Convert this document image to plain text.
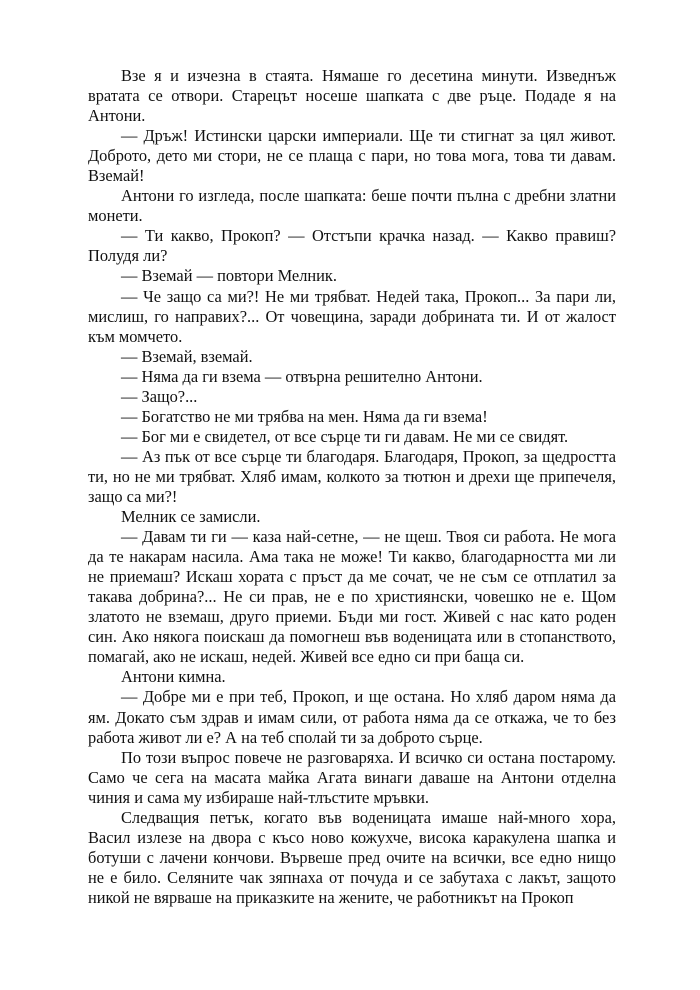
Взе я и изчезна в стаята. Нямаше го десетина минути. Изведнъж вратата се отвори. Старецът носеше шапката с две ръце. Подаде я на Антони.

— Дръж! Истински царски империали. Ще ти стигнат за цял живот. Доброто, дето ми стори, не се плаща с пари, но това мога, това ти давам. Вземай!

Антони го изгледа, после шапката: беше почти пълна с дребни златни монети.

— Ти какво, Прокоп? — Отстъпи крачка назад. — Какво правиш? Полудя ли?

— Вземай — повтори Мелник.

— Че защо са ми?! Не ми трябват. Недей така, Прокоп... За пари ли, мислиш, го направих?... От човещина, заради добрината ти. И от жалост към момчето.

— Вземай, вземай.

— Няма да ги взема — отвърна решително Антони.

— Защо?...

— Богатство не ми трябва на мен. Няма да ги взема!

— Бог ми е свидетел, от все сърце ти ги давам. Не ми се свидят.

— Аз пък от все сърце ти благодаря. Благодаря, Прокоп, за щедростта ти, но не ми трябват. Хляб имам, колкото за тютюн и дрехи ще припечеля, защо са ми?!

Мелник се замисли.

— Давам ти ги — каза най-сетне, — не щеш. Твоя си работа. Не мога да те накарам насила. Ама така не може! Ти какво, благодарността ми ли не приемаш? Искаш хората с пръст да ме сочат, че не съм се отплатил за такава добрина?... Не си прав, не е по християнски, човешко не е. Щом златото не вземаш, друго приеми. Бъди ми гост. Живей с нас като роден син. Ако някога поискаш да помогнеш във воденицата или в стопанството, помагай, ако не искаш, недей. Живей все едно си при баща си.

Антони кимна.

— Добре ми е при теб, Прокоп, и ще остана. Но хляб даром няма да ям. Докато съм здрав и имам сили, от работа няма да се откажа, че то без работа живот ли е? А на теб сполай ти за доброто сърце.

По този въпрос повече не разговаряха. И всичко си остана постарому. Само че сега на масата майка Агата винаги даваше на Антони отделна чиния и сама му избираше най-тлъстите мръвки.

Следващия петък, когато във воденицата имаше най-много хора, Васил излезе на двора с късо ново кожухче, висока каракулена шапка и ботуши с лачени кончови. Вървеше пред очите на всички, все едно нищо не е било. Селяните чак зяпнаха от почуда и се забутаха с лакът, защото никой не вярваше на приказките на жените, че работникът на Прокоп
